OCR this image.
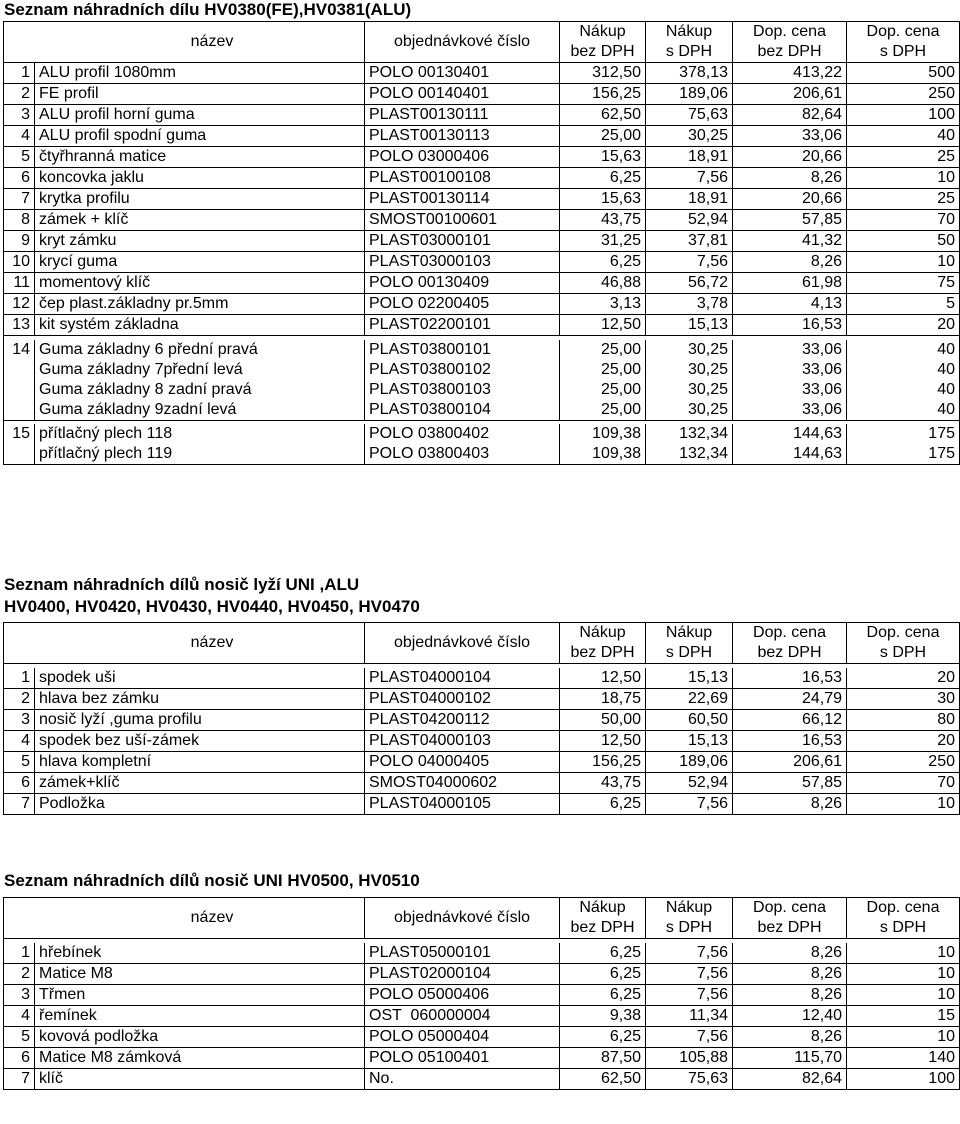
Seznam náhradních dílu HV0380(FE),HV0381(ALU)
název		objednávkové číslo	Nákup	Nákup	Dop. cena	Dop. cena
			bez DPH	s DPH	bez DPH	s DPH
1	ALU profil 1080mm	POLO 00130401	312,50	378,13	413,22	500
2	FE profil	POLO 00140401	156,25	189,06	206,61	250
3	ALU profil horní guma	PLAST00130111	62,50	75,63	82,64	100
4	ALU profil spodní guma	PLAST00130113	25,00	30,25	33,06	40
5	čtyřhranná matice	POLO 03000406	15,63	18,91	20,66	25
6	koncovka jaklu	PLAST00100108	6,25	7,56	8,26	10
7	krytka profilu	PLAST00130114	15,63	18,91	20,66	25
8	zámek + klíč	SMOST00100601	43,75	52,94	57,85	70
9	kryt zámku	PLAST03000101	31,25	37,81	41,32	50
10	krycí guma	PLAST03000103	6,25	7,56	8,26	10
11	momentový klíč	POLO 00130409	46,88	56,72	61,98	75
12	čep plast.základny pr.5mm	POLO 02200405	3,13	3,78	4,13	5
13	kit systém základna	PLAST02200101	12,50	15,13	16,53	20

14	Guma základny 6 přední pravá	PLAST03800101	25,00	30,25	33,06	40
	Guma základny 7přední levá	PLAST03800102	25,00	30,25	33,06	40
	Guma základny 8 zadní pravá	PLAST03800103	25,00	30,25	33,06	40
	Guma základny 9zadní levá	PLAST03800104	25,00	30,25	33,06	40

15	přítlačný plech 118	POLO 03800402	109,38	132,34	144,63	175
	přítlačný plech 119	POLO 03800403	109,38	132,34	144,63	175
Seznam náhradních dílů nosič lyží UNI ,ALU
HV0400, HV0420, HV0430, HV0440, HV0450, HV0470
název		objednávkové číslo	Nákup	Nákup	Dop. cena	Dop. cena
			bez DPH	s DPH	bez DPH	s DPH

1	spodek uši	PLAST04000104	12,50	15,13	16,53	20
2	hlava bez zámku	PLAST04000102	18,75	22,69	24,79	30
3	nosič lyží ,guma profilu	PLAST04200112	50,00	60,50	66,12	80
4	spodek bez uší-zámek	PLAST04000103	12,50	15,13	16,53	20
5	hlava kompletní	POLO 04000405	156,25	189,06	206,61	250
6	zámek+klíč	SMOST04000602	43,75	52,94	57,85	70
7	Podložka	PLAST04000105	6,25	7,56	8,26	10
Seznam náhradních dílů nosič UNI HV0500, HV0510
název		objednávkové číslo	Nákup	Nákup	Dop. cena	Dop. cena
			bez DPH	s DPH	bez DPH	s DPH

1	hřebínek	PLAST05000101	6,25	7,56	8,26	10
2	Matice M8	PLAST02000104	6,25	7,56	8,26	10
3	Třmen	POLO 05000406	6,25	7,56	8,26	10
4	řemínek	OST  060000004	9,38	11,34	12,40	15
5	kovová podložka	POLO 05000404	6,25	7,56	8,26	10
6	Matice M8 zámková	POLO 05100401	87,50	105,88	115,70	140
7	klíč	No.	62,50	75,63	82,64	100
